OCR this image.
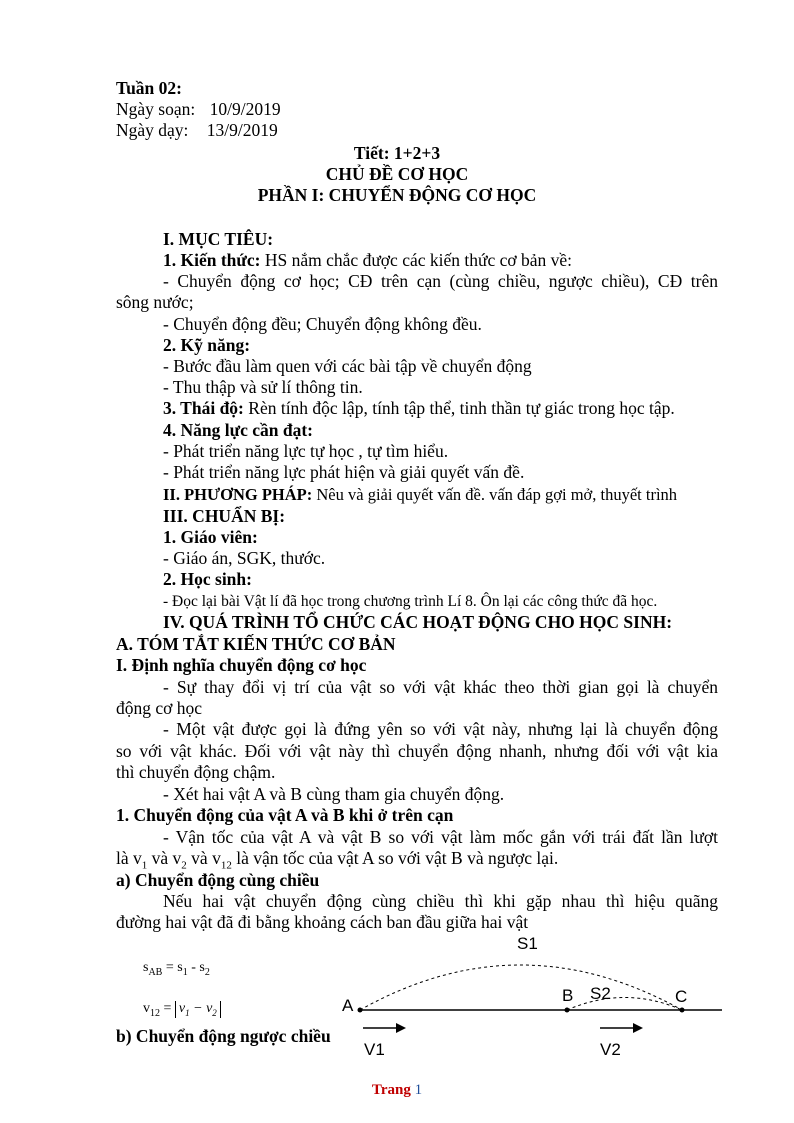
Tuần 02:
Ngày soạn: 10/9/2019
Ngày dạy: 13/9/2019
Tiết: 1+2+3
CHỦ ĐỀ CƠ HỌC
PHẦN I: CHUYỂN ĐỘNG CƠ HỌC
I. MỤC TIÊU:
1. Kiến thức: HS nắm chắc được các kiến thức cơ bản về:
- Chuyển động cơ học; CĐ trên cạn (cùng chiều, ngược chiều), CĐ trên
sông nước;
- Chuyển động đều; Chuyển động không đều.
2. Kỹ năng:
- Bước đầu làm quen với các bài tập về chuyển động
- Thu thập và sử lí thông tin.
3. Thái độ: Rèn tính độc lập, tính tập thể, tinh thần tự giác trong học tập.
4. Năng lực cần đạt:
- Phát triển năng lực tự học , tự tìm hiểu.
- Phát triển năng lực phát hiện và giải quyết vấn đề.
II. PHƯƠNG PHÁP: Nêu và giải quyết vấn đề. vấn đáp gợi mở, thuyết trình
III. CHUẨN BỊ:
1. Giáo viên:
- Giáo án, SGK, thước.
2. Học sinh:
- Đọc lại bài Vật lí đã học trong chương trình Lí 8. Ôn lại các công thức đã học.
IV. QUÁ TRÌNH TỔ CHỨC CÁC HOẠT ĐỘNG CHO HỌC SINH:
A. TÓM TẮT KIẾN THỨC CƠ BẢN
I. Định nghĩa chuyển động cơ học
- Sự thay đổi vị trí của vật so với vật khác theo thời gian gọi là chuyển
động cơ học
- Một vật được gọi là đứng yên so với vật này, nhưng lại là chuyển động
so với vật khác. Đối với vật này thì chuyển động nhanh, nhưng đối với vật kia
thì chuyển động chậm.
- Xét hai vật A và B cùng tham gia chuyển động.
1. Chuyển động của vật A và B khi ở trên cạn
- Vận tốc của vật A và vật B so với vật làm mốc gắn với trái đất lần lượt
là $v_1$ và $v_2$ và $v_{12}$ là vận tốc của vật A so với vật B và ngược lại.
a) Chuyển động cùng chiều
Nếu hai vật chuyển động cùng chiều thì khi gặp nhau thì hiệu quãng
đường hai vật đã đi bằng khoảng cách ban đầu giữa hai vật
$s_{AB} = s_1 - s_2$
$v_{12} = v_1 - v_2$
b) Chuyển động ngược chiều
S1
S2
A
B	C
V1	V2
Trang 1
